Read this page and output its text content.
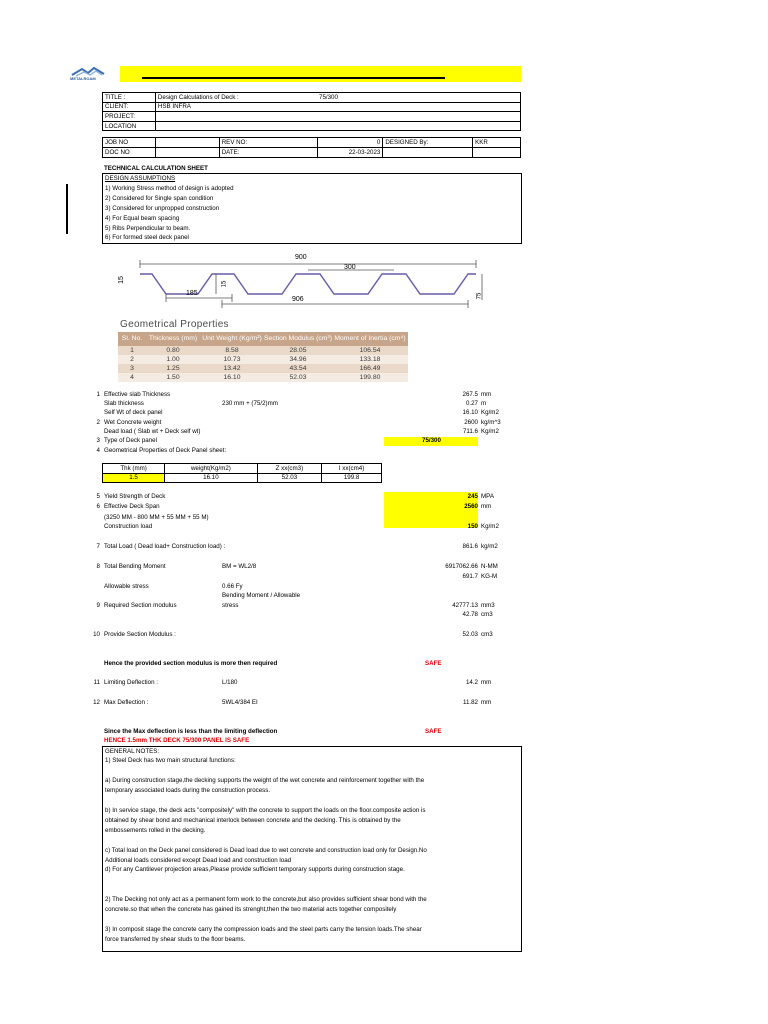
METALROAM
TITLE :	Design Calculations of Deck :		75/300		
CLIENT:	HSB INFRA				
PROJECT:					
LOCATION					

JOB NO		REV NO:	0	DESIGNED By:	KKR
DOC NO		DATE:	22-03-2023		
TECHNICAL CALCULATION SHEET
DESIGN ASSUMPTIONS
1) Working Stress method of design is adopted
2) Considered for Single span condition
3) Considered for unpropped construction
4) For Equal beam spacing
5) Ribs Perpendicular to beam.
6) For formed steel deck panel
900
300
185
906
15
15
75
Geometrical Properties
Sl. No.	Thickness (mm)	Unit Weight (Kg/m²)	Section Modulus (cm³)	Moment of Inertia (cm⁴)
1	0.80	8.58	28.05	106.54
2	1.00	10.73	34.96	133.18
3	1.25	13.42	43.54	166.49
4	1.50	16.10	52.03	199.80
1 Effective slab Thickness	267.5 mm
Slab thickness	230 mm + (75/2)mm	0.27 m
Self Wt of deck panel	16.10 Kg/m2
2 Wet Concrete weight	2600 kg/m^3
Dead load ( Slab wt + Deck self wt)	711.6 Kg/m2
3 Type of Deck panel	75/300
4 Geometrical Properties of Deck Panel sheet:
Thk (mm)	weight(Kg/m2)	Z xx(cm3)	I xx(cm4)
1.5	16.10	52.03	199.8
5 Yield Strength of Deck	245 MPA
6 Effective Deck Span	2560 mm
(3250 MM - 800 MM + 55 MM + 55 M)
Construction load	150 Kg/m2
7 Total Load ( Dead load+ Construction load) :	861.6 kg/m2
8 Total Bending Moment	BM = WL2/8	6917062.66 N-MM
691.7 KG-M
Allowable stress	0.66 Fy
Bending Moment / Allowable
9 Required Section modulus	stress	42777.13 mm3
42.78 cm3
10 Provide Section Modulus :	52.03 cm3
Hence the provided section modulus is more then required	SAFE
11 Limiting Deflection :	L/180	14.2 mm
12 Max Deflection :	5WL4/384 EI	11.82 mm
Since the Max deflection is less than the limiting deflection	SAFE
HENCE 1.5mm THK DECK 75/300 PANEL IS SAFE
GENERAL NOTES:
1) Steel Deck has two main structural functions:
a) During construction stage,the decking supports the weight of the wet concrete and reinforcement together with the
temporary associated loads during the construction process.
b) In service stage, the deck acts "compositely" with the concrete to support the loads on the floor.composite action is
obtained by shear bond and mechanical interlock between concrete and the decking. This is obtained by the
embossements rolled in the decking.
c) Total load on the Deck panel considered is Dead load due to wet concrete and construction load only for Design.No
Additional loads considered except Dead load and construction load
d) For any Cantilever projection areas,Please provide sufficient temporary supports during construction stage.
2) The Decking not only act as a permanent form work to the concrete,but also provides sufficient shear bond with the
concrete.so that when the concrete has gained its strenght,then the two material acts together compositely
3) In composit stage the concrete carry the compression loads and the steel parts carry the tension loads.The shear
force transferred by shear studs to the floor beams.
